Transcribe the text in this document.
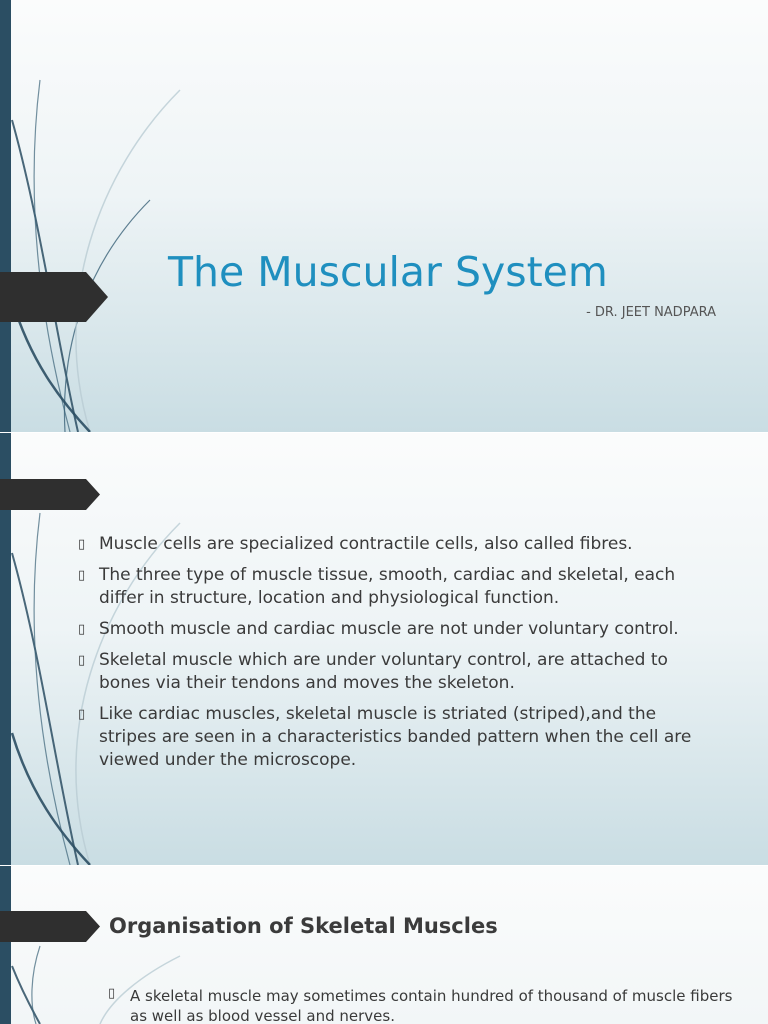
The Muscular System
- DR. JEET NADPARA
▯ Muscle cells are specialized contractile cells, also called fibres.
▯ The three type of muscle tissue, smooth, cardiac and skeletal, each differ in structure, location and physiological function.
▯ Smooth muscle and cardiac muscle are not under voluntary control.
▯ Skeletal muscle which are under voluntary control, are attached to bones via their tendons and moves the skeleton.
▯ Like cardiac muscles, skeletal muscle is striated (striped),and the stripes are seen in a characteristics banded pattern when the cell are viewed under the microscope.
Organisation of Skeletal Muscles
▯ A skeletal muscle may sometimes contain hundred of thousand of muscle fibers as well as blood vessel and nerves.
